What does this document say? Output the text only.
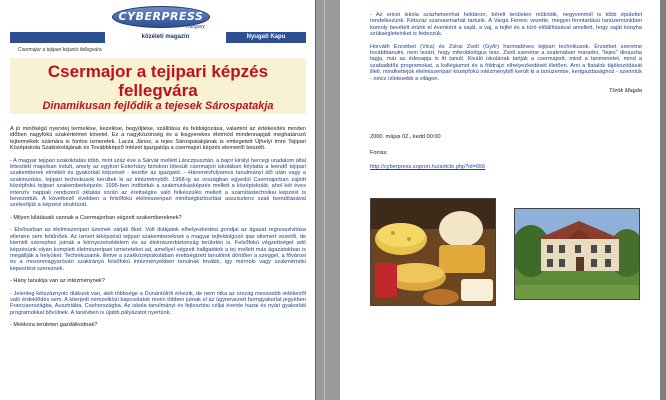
CYBERPRESS
Hungary
közéleti magazin	Nyugati Kapu
Csermajor a tejipari képzés fellegvára
Csermajor a tejipari képzés fellegvára
Dinamikusan fejlődik a tejesek Sárospatakja

A jó minőségű nyerstej termelése, kezelése, begyűjtése, szállítása és feldolgozása, valamint az értékesítés minden időben nagyfokú szakértelmet követel. Ez a nagyközönség és a kisgyerekes életmód mindennapjait meghatározó tejtermékek számára is fontos ismeretek. Lacza János, a tejes Sárospatakjának is emlegetett Újhelyi Imre Tejipari Középiskola Szakiskolájának és Továbbképző Intézet igazgatója a csermajori képzés elemeiről beszélt.

- A magyar tejipari szakoktatás több, mint száz éve a Sárvár mellett Lánczpusztán, a bajor királyi hercegi uradalom által létesített majorban indult, amely az egykori Esterházy birtokon létesült csermajori iskolában folytatta a leendő tejipari szakemberek elméleti és gyakorlati képzését - kezdte az igazgató. - Háromévfolyamos tanulmányi idő után vagy a szakmunkás, tejipari technikusok kerültek ki az intézményből. 1968-ig az országban egyedül Csermajorban zajlott középfokú tejipari szakemberképzés. 1995-ben indítottuk a szakmunkásképzés mellett a középiskolát, ahol két éves intenzív nappali rendszerű oktatás során az érettségire való felkészülés mellett a számítástechnikai képzést is bevezettük. A következő években a felsőfokú élelmiszeripari minőségbiztosítási asszisztens szak beindításával szélesítjük a képzési struktúrát.

- Milyen kilátásaik vannak a Csermajorban végzett szakembereknek?

- Elsősorban az élelmiszeripari üzemek várják őket. Volt diákjaink elhelyezkedési gondjai az ágazat regresszivitása ellenére sem feltűnőek. Az ismert kiképzésű tejipari szakembereknek a magyar tejfeldolgozó ipar elismert vezetői, de kiemelt szerephez jutnak a környezetvédelem és az élelmiszerbiztonság területén is. Felsőfokú végzettséget adó képzésünk olyan komplett élelmiszeripari ismereteket ad, amellyel végzett hallgatóink a tej mellett más ágazatokban is megállják a helyüket. Technikusaink, illetve a szakközépiskolában érettségizett tanulóink döntően a szeggel, a fővárosi és a mosonmagyaróvári szakirányú felsőfokú intézményekben tanulnak tovább, így mérnöki vagy szakmérnöki képesítést szereznek.

- Hány tanulója van az intézménynek?

- Jelenleg kétszáznyolc diákunk van, akik többsége a Dunántúlról érkezik, de nem ritka az ország messzebb vidékeiről való érdeklődés sem. A kiterjedt nemzetközi kapcsolatok révén többen jutnak el az úgynevezett farmgyakorlat jegyében Franciaországba, Ausztriába, Csehországba. Az iskola tanulmányi és fejlesztési céljai évente hazai és nyári gyakorlati programokkal bővülnek. A tanévben is újabb pályázatot nyertünk.

- Mekkora területen gazdálkodnak?

- Az ericei iskola százhetvenhat hektáron, bérelt területen működik, negyvenmél is több épülettel rendelkezünk. Kétszáz szarvasmarhát tartunk. A Varga Ferenc vezette, megyei fenntartású tanüzemünkben komoly bevételt érünk el évenként a saját, a vaj, a tejfel és a túró előállításával amellett, hogy saját konyha szükségleteinket is fedezzük.

Horváth Erzsébet (Vica) és Zsirai Zsolt (Győr) harmadéves tejipari technikusok. Érzsébet szeretne továbbtanulni, nem lezárt, hogy mikrobiológus lesz. Zsolt szeretne a szakmában maradni, "tejes" dinasztia tagja, már az édesapja is itt tanult. Kiváló iskolának tartják a csermajorit, mind a tanmenetet, mind a szabadidős programokat, a kollégiumot és a földrajzi elhelyezkedését illetően. Ami a fiatalok tájékozódását illeti, mindkettejük élelmiszeripari középfokú intézményből került ki a tanüzembe, kertgazdasághoz - szerintük - nincs ízletesebb a világon.

Török Magda

2000. május 02., kedd 00:00
Forrás:
http://cyberpress.sopron.hu/article.php?id=656
